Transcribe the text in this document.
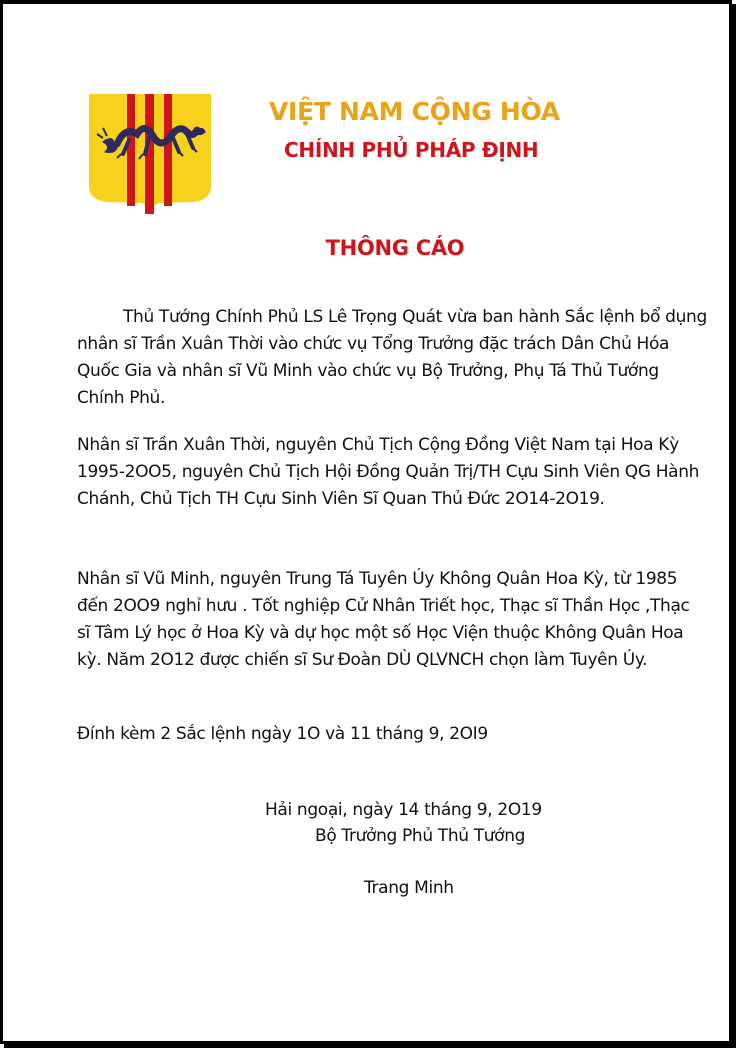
VIỆT NAM CỘNG HÒA
CHÍNH PHỦ PHÁP ĐỊNH
THÔNG CÁO

Thủ Tướng Chính Phủ LS Lê Trọng Quát vừa ban hành Sắc lệnh bổ dụng nhân sĩ Trần Xuân Thời vào chức vụ Tổng Trưởng đặc trách Dân Chủ Hóa Quốc Gia và nhân sĩ Vũ Minh vào chức vụ Bộ Trưởng, Phụ Tá Thủ Tướng Chính Phủ.

Nhân sĩ Trần Xuân Thời, nguyên Chủ Tịch Cộng Đồng Việt Nam tại Hoa Kỳ 1995-2OO5, nguyên Chủ Tịch Hội Đồng Quản Trị/TH Cựu Sinh Viên QG Hành Chánh, Chủ Tịch TH Cựu Sinh Viên Sĩ Quan Thủ Đức 2O14-2O19.

Nhân sĩ Vũ Minh, nguyên Trung Tá Tuyên Úy Không Quân Hoa Kỳ, từ 1985 đến 2OO9 nghỉ hưu . Tốt nghiệp Cử Nhân Triết học, Thạc sĩ Thần Học ,Thạc sĩ Tâm Lý học ở Hoa Kỳ và dự học một số Học Viện thuộc Không Quân Hoa kỳ. Năm 2O12 được chiến sĩ Sư Đoàn DÙ QLVNCH chọn làm Tuyên Úy.

Đính kèm 2 Sắc lệnh ngày 1O và 11 tháng 9, 2OI9

Hải ngoại, ngày 14 tháng 9, 2O19
Bộ Trưởng Phủ Thủ Tướng
Trang Minh
